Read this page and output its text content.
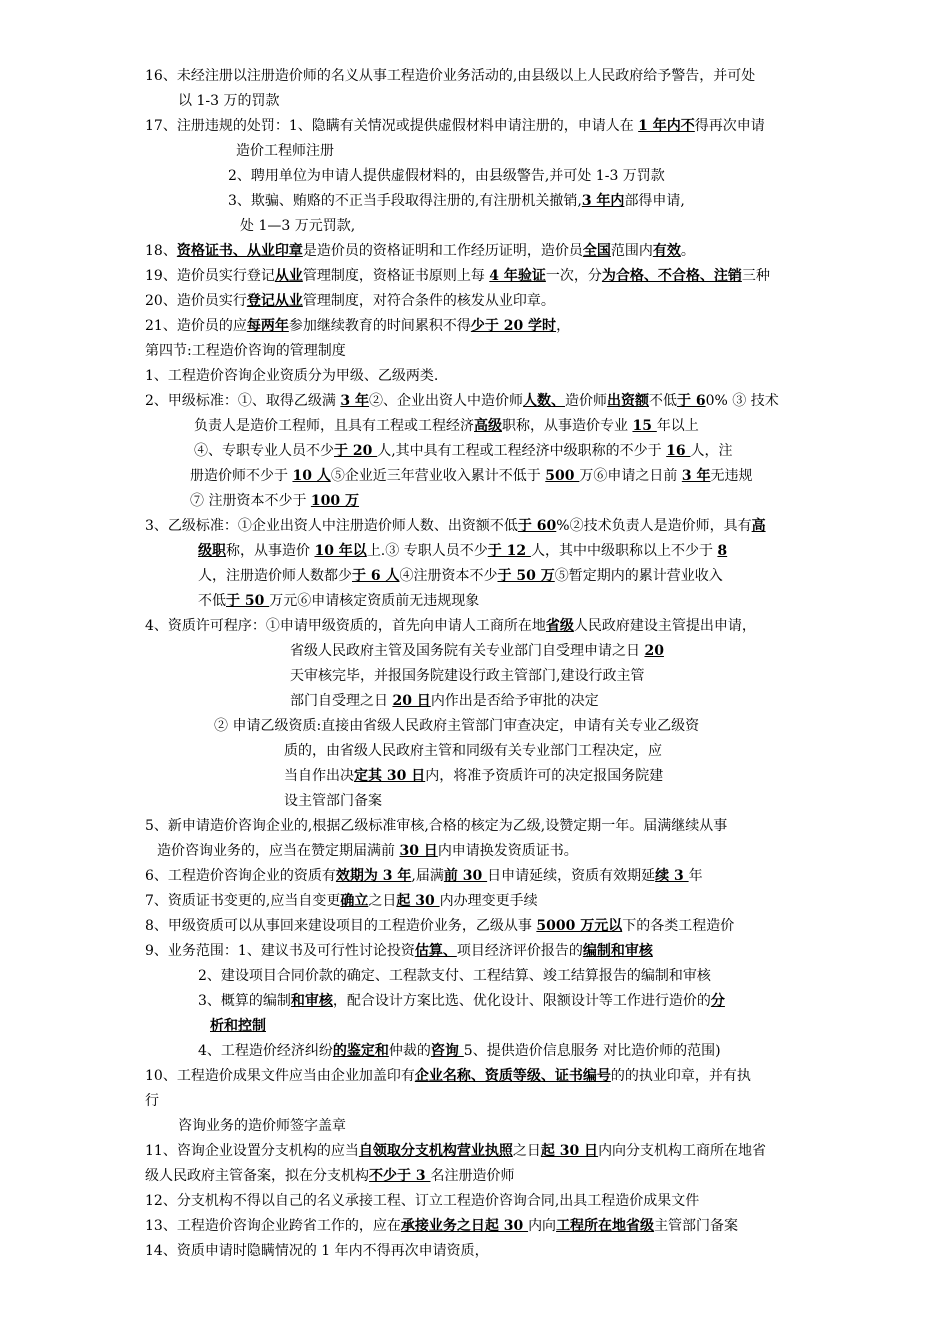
16、未经注册以注册造价师的名义从事工程造价业务活动的,由县级以上人民政府给予警告，并可处
以 1-3 万的罚款
17、注册违规的处罚：1、隐瞒有关情况或提供虚假材料申请注册的，申请人在 1 年内不得再次申请
造价工程师注册
2、聘用单位为申请人提供虚假材料的，由县级警告,并可处 1-3 万罚款
3、欺骗、贿赂的不正当手段取得注册的,有注册机关撤销,3 年内部得申请,
处 1—3 万元罚款,
18、资格证书、从业印章是造价员的资格证明和工作经历证明，造价员全国范围内有效。
19、造价员实行登记从业管理制度，资格证书原则上每 4 年验证一次，分为合格、不合格、注销三种
20、造价员实行登记从业管理制度，对符合条件的核发从业印章。
21、造价员的应每两年参加继续教育的时间累积不得少于 20 学时，
第四节:工程造价咨询的管理制度
1、工程造价咨询企业资质分为甲级、乙级两类.
2、甲级标准：①、取得乙级满 3 年②、企业出资人中造价师人数、造价师出资额不低于 60% ③ 技术
负责人是造价工程师，且具有工程或工程经济高级职称，从事造价专业 15 年以上
④、专职专业人员不少于 20 人,其中具有工程或工程经济中级职称的不少于 16 人，注
册造价师不少于 10 人⑤企业近三年营业收入累计不低于 500 万⑥申请之日前 3 年无违规
⑦ 注册资本不少于 100 万
3、乙级标准：①企业出资人中注册造价师人数、出资额不低于 60%②技术负责人是造价师，具有高
级职称，从事造价 10 年以上.③ 专职人员不少于 12 人，其中中级职称以上不少于 8
人，注册造价师人数都少于 6 人④注册资本不少于 50 万⑤暂定期内的累计营业收入
不低于 50 万元⑥申请核定资质前无违规现象
4、资质许可程序：①申请甲级资质的，首先向申请人工商所在地省级人民政府建设主管提出申请，
省级人民政府主管及国务院有关专业部门自受理申请之日 20
天审核完毕，并报国务院建设行政主管部门,建设行政主管
部门自受理之日 20 日内作出是否给予审批的决定
② 申请乙级资质:直接由省级人民政府主管部门审查决定，申请有关专业乙级资
质的，由省级人民政府主管和同级有关专业部门工程决定，应
当自作出决定其 30 日内，将准予资质许可的决定报国务院建
设主管部门备案
5、新申请造价咨询企业的,根据乙级标准审核,合格的核定为乙级,设赞定期一年。届满继续从事
造价咨询业务的，应当在赞定期届满前 30 日内申请换发资质证书。
6、工程造价咨询企业的资质有效期为 3 年,届满前 30 日申请延续，资质有效期延续 3 年
7、资质证书变更的,应当自变更确立之日起 30 内办理变更手续
8、甲级资质可以从事回来建设项目的工程造价业务，乙级从事 5000 万元以下的各类工程造价
9、业务范围：1、建议书及可行性讨论投资估算、项目经济评价报告的编制和审核
2、建设项目合同价款的确定、工程款支付、工程结算、竣工结算报告的编制和审核
3、概算的编制和审核，配合设计方案比选、优化设计、限额设计等工作进行造价的分
析和控制
4、工程造价经济纠纷的鉴定和仲裁的咨询 5、提供造价信息服务 对比造价师的范围)
10、工程造价成果文件应当由企业加盖印有企业名称、资质等级、证书编号的的执业印章，并有执
行
咨询业务的造价师签字盖章
11、咨询企业设置分支机构的应当自领取分支机构营业执照之日起 30 日内向分支机构工商所在地省
级人民政府主管备案，拟在分支机构不少于 3 名注册造价师
12、分支机构不得以自己的名义承接工程、订立工程造价咨询合同,出具工程造价成果文件
13、工程造价咨询企业跨省工作的，应在承接业务之日起 30 内向工程所在地省级主管部门备案
14、资质申请时隐瞒情况的 1 年内不得再次申请资质，
